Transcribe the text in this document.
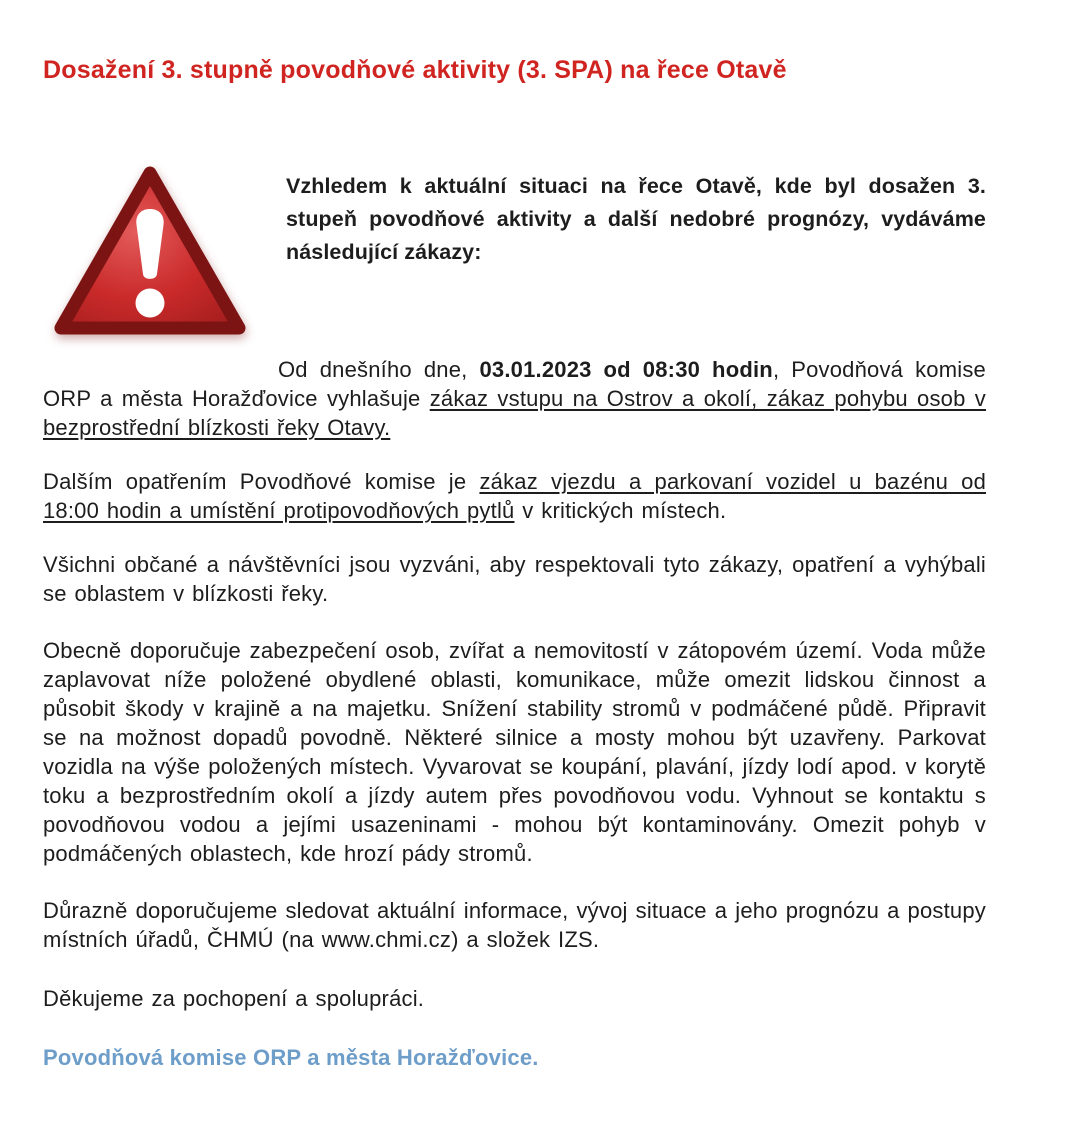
Dosažení 3. stupně povodňové aktivity (3. SPA) na řece Otavě

Vzhledem k aktuální situaci na řece Otavě, kde byl dosažen 3. stupeň povodňové aktivity a další nedobré prognózy, vydáváme následující zákazy:

Od dnešního dne, 03.01.2023 od 08:30 hodin, Povodňová komise ORP a města Horažďovice vyhlašuje zákaz vstupu na Ostrov a okolí, zákaz pohybu osob v bezprostřední blízkosti řeky Otavy.

Dalším opatřením Povodňové komise je zákaz vjezdu a parkovaní vozidel u bazénu od 18:00 hodin a umístění protipovodňových pytlů v kritických místech.

Všichni občané a návštěvníci jsou vyzváni, aby respektovali tyto zákazy, opatření a vyhýbali se oblastem v blízkosti řeky.

Obecně doporučuje zabezpečení osob, zvířat a nemovitostí v zátopovém území. Voda může zaplavovat níže položené obydlené oblasti, komunikace, může omezit lidskou činnost a působit škody v krajině a na majetku. Snížení stability stromů v podmáčené půdě. Připravit se na možnost dopadů povodně. Některé silnice a mosty mohou být uzavřeny. Parkovat vozidla na výše položených místech. Vyvarovat se koupání, plavání, jízdy lodí apod. v korytě toku a bezprostředním okolí a jízdy autem přes povodňovou vodu. Vyhnout se kontaktu s povodňovou vodou a jejími usazeninami - mohou být kontaminovány. Omezit pohyb v podmáčených oblastech, kde hrozí pády stromů.

Důrazně doporučujeme sledovat aktuální informace, vývoj situace a jeho prognózu a postupy místních úřadů, ČHMÚ (na www.chmi.cz) a složek IZS.

Děkujeme za pochopení a spolupráci.

Povodňová komise ORP a města Horažďovice.
